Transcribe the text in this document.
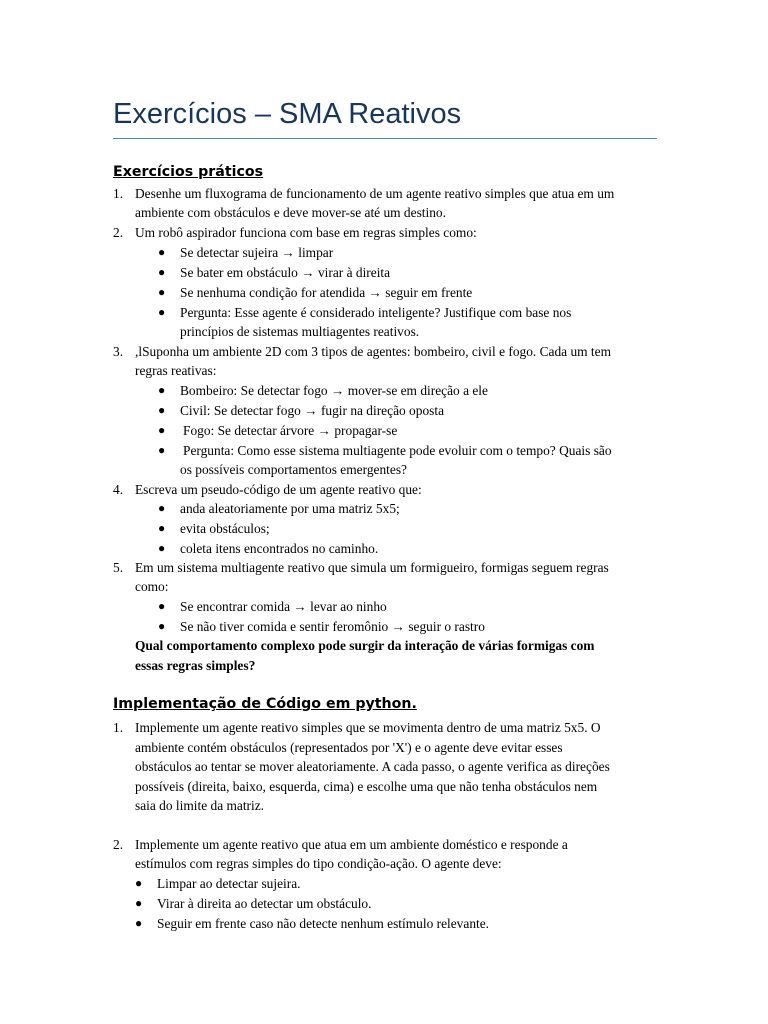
Exercícios – SMA Reativos
Exercícios práticos
1. Desenhe um fluxograma de funcionamento de um agente reativo simples que atua em um
ambiente com obstáculos e deve mover-se até um destino.
2. Um robô aspirador funciona com base em regras simples como:
● Se detectar sujeira → limpar
● Se bater em obstáculo → virar à direita
● Se nenhuma condição for atendida → seguir em frente
● Pergunta: Esse agente é considerado inteligente? Justifique com base nos
princípios de sistemas multiagentes reativos.
3. ,lSuponha um ambiente 2D com 3 tipos de agentes: bombeiro, civil e fogo. Cada um tem
regras reativas:
● Bombeiro: Se detectar fogo → mover-se em direção a ele
● Civil: Se detectar fogo → fugir na direção oposta
● Fogo: Se detectar árvore → propagar-se
● Pergunta: Como esse sistema multiagente pode evoluir com o tempo? Quais são
os possíveis comportamentos emergentes?
4. Escreva um pseudo-código de um agente reativo que:
● anda aleatoriamente por uma matriz 5x5;
● evita obstáculos;
● coleta itens encontrados no caminho.
5. Em um sistema multiagente reativo que simula um formigueiro, formigas seguem regras
como:
● Se encontrar comida → levar ao ninho
● Se não tiver comida e sentir feromônio → seguir o rastro
Qual comportamento complexo pode surgir da interação de várias formigas com
essas regras simples?
Implementação de Código em python.
1. Implemente um agente reativo simples que se movimenta dentro de uma matriz 5x5. O
ambiente contém obstáculos (representados por 'X') e o agente deve evitar esses
obstáculos ao tentar se mover aleatoriamente. A cada passo, o agente verifica as direções
possíveis (direita, baixo, esquerda, cima) e escolhe uma que não tenha obstáculos nem
saia do limite da matriz.
2. Implemente um agente reativo que atua em um ambiente doméstico e responde a
estímulos com regras simples do tipo condição-ação. O agente deve:
● Limpar ao detectar sujeira.
● Virar à direita ao detectar um obstáculo.
● Seguir em frente caso não detecte nenhum estímulo relevante.
